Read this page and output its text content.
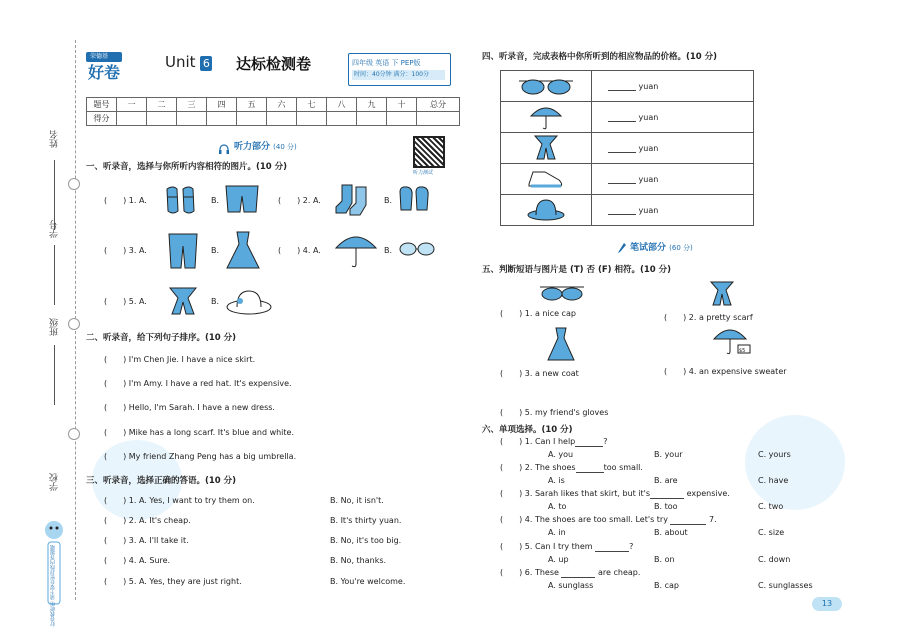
姓名
学号
班级
学校
好卷教研组 请不要在密封线内答题哦
荣德基
好卷
Unit 6 达标检测卷	四年级 英语 下 PEP版
时间：40分钟 满分：100分
题号	一	二	三	四	五	六	七	八	九	十	总分
得分											
听力部分 (40 分)
听力测试
一、听录音，选择与你所听内容相符的图片。(10 分)
(　　) 1. A.	B.	(　　) 2. A.	B.
(　　) 3. A.	B.	(　　) 4. A.	B.
(　　) 5. A.	B.
二、听录音，给下列句子排序。(10 分)
(　　) I'm Chen Jie. I have a nice skirt.
(　　) I'm Amy. I have a red hat. It's expensive.
(　　) Hello, I'm Sarah. I have a new dress.
(　　) Mike has a long scarf. It's blue and white.
(　　) My friend Zhang Peng has a big umbrella.
三、听录音，选择正确的答语。(10 分)
(　　) 1. A. Yes, I want to try them on.	B. No, it isn't.
(　　) 2. A. It's cheap.	B. It's thirty yuan.
(　　) 3. A. I'll take it.	B. No, it's too big.
(　　) 4. A. Sure.	B. No, thanks.
(　　) 5. A. Yes, they are just right.	B. You're welcome.
四、听录音，完成表格中你所听到的相应物品的价格。(10 分)
	yuan
	yuan
	yuan
	yuan
	yuan
笔试部分 (60 分)
五、判断短语与图片是 (T) 否 (F) 相符。(10 分)
(　　) 1. a nice cap	(　　) 2. a pretty scarf
(　　) 3. a new coat
$5
(　　) 4. an expensive sweater
(　　) 5. my friend's gloves
六、单项选择。(10 分)
(　　) 1. Can I help	?
A. you	B. your	C. yours
(　　) 2. The shoes	too small.
A. is	B. are	C. have
(　　) 3. Sarah likes that skirt, but it's	expensive.
A. to	B. too	C. two
(　　) 4. The shoes are too small. Let's try	7.
A. in	B. about	C. size
(　　) 5. Can I try them	?
A. up	B. on	C. down
(　　) 6. These	are cheap.
A. sunglass	B. cap	C. sunglasses
13
